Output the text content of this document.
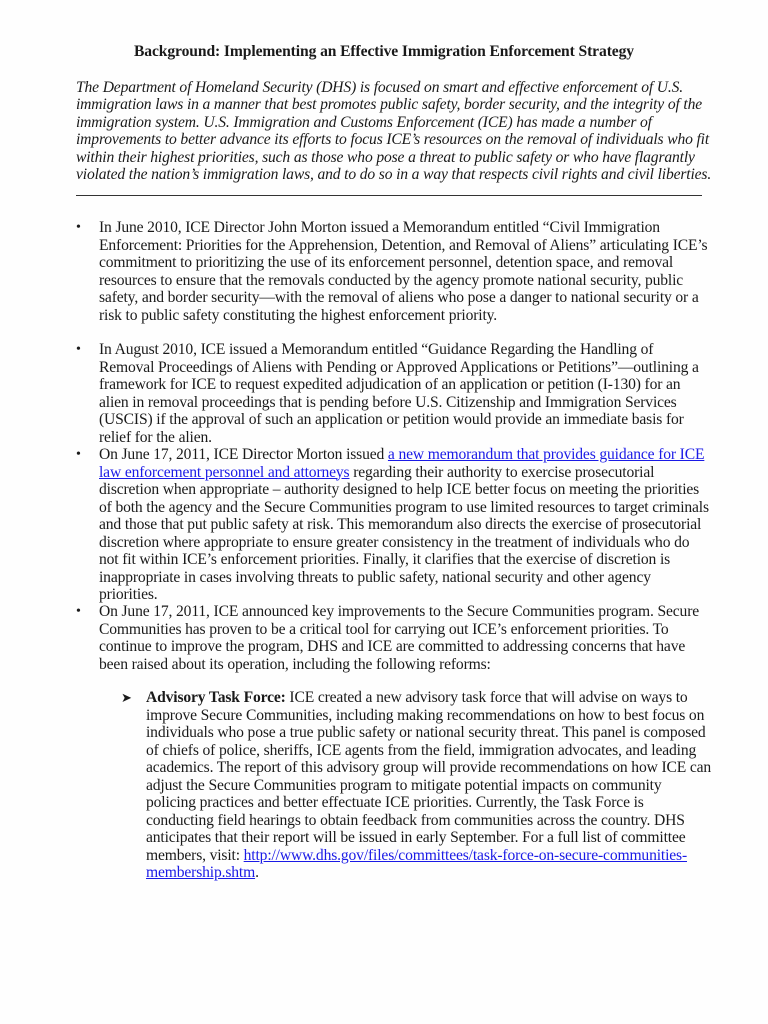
Background: Implementing an Effective Immigration Enforcement Strategy
The Department of Homeland Security (DHS) is focused on smart and effective enforcement of U.S. immigration laws in a manner that best promotes public safety, border security, and the integrity of the immigration system. U.S. Immigration and Customs Enforcement (ICE) has made a number of improvements to better advance its efforts to focus ICE’s resources on the removal of individuals who fit within their highest priorities, such as those who pose a threat to public safety or who have flagrantly violated the nation’s immigration laws, and to do so in a way that respects civil rights and civil liberties.
•	In June 2010, ICE Director John Morton issued a Memorandum entitled “Civil Immigration Enforcement: Priorities for the Apprehension, Detention, and Removal of Aliens” articulating ICE’s commitment to prioritizing the use of its enforcement personnel, detention space, and removal resources to ensure that the removals conducted by the agency promote national security, public safety, and border security—with the removal of aliens who pose a danger to national security or a risk to public safety constituting the highest enforcement priority.
•	In August 2010, ICE issued a Memorandum entitled “Guidance Regarding the Handling of Removal Proceedings of Aliens with Pending or Approved Applications or Petitions”—outlining a framework for ICE to request expedited adjudication of an application or petition (I-130) for an alien in removal proceedings that is pending before U.S. Citizenship and Immigration Services (USCIS) if the approval of such an application or petition would provide an immediate basis for relief for the alien.
•	On June 17, 2011, ICE Director Morton issued a new memorandum that provides guidance for ICE law enforcement personnel and attorneys regarding their authority to exercise prosecutorial discretion when appropriate – authority designed to help ICE better focus on meeting the priorities of both the agency and the Secure Communities program to use limited resources to target criminals and those that put public safety at risk. This memorandum also directs the exercise of prosecutorial discretion where appropriate to ensure greater consistency in the treatment of individuals who do not fit within ICE’s enforcement priorities. Finally, it clarifies that the exercise of discretion is inappropriate in cases involving threats to public safety, national security and other agency priorities.
•	On June 17, 2011, ICE announced key improvements to the Secure Communities program. Secure Communities has proven to be a critical tool for carrying out ICE’s enforcement priorities. To continue to improve the program, DHS and ICE are committed to addressing concerns that have been raised about its operation, including the following reforms:
➤ Advisory Task Force: ICE created a new advisory task force that will advise on ways to improve Secure Communities, including making recommendations on how to best focus on individuals who pose a true public safety or national security threat. This panel is composed of chiefs of police, sheriffs, ICE agents from the field, immigration advocates, and leading academics. The report of this advisory group will provide recommendations on how ICE can adjust the Secure Communities program to mitigate potential impacts on community policing practices and better effectuate ICE priorities. Currently, the Task Force is conducting field hearings to obtain feedback from communities across the country. DHS anticipates that their report will be issued in early September. For a full list of committee members, visit: http://www.dhs.gov/files/committees/task-force-on-secure-communities-membership.shtm.
